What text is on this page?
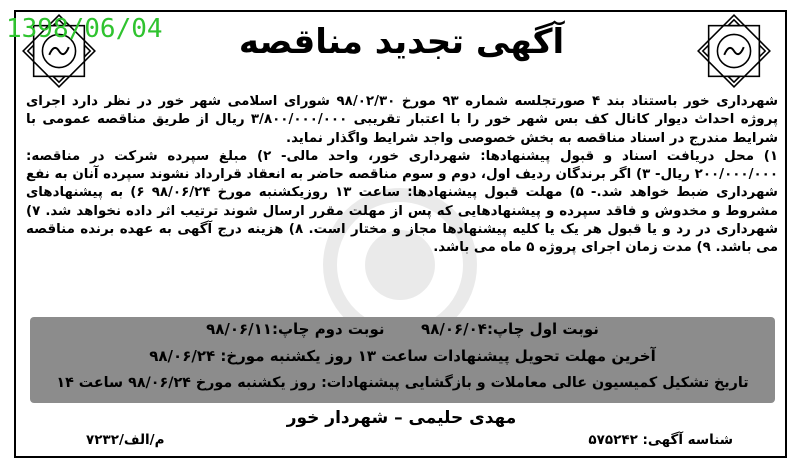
1398/06/04	آگهی تجدید مناقصه

شهرداری خور باستناد بند ۴ صورتجلسه شماره ۹۳ مورخ ۹۸/۰۲/۳۰ شورای اسلامی شهر خور در نظر دارد اجرای پروژه احداث دیوار کانال کف بس شهر خور را با اعتبار تقریبی ۳/۸۰۰/۰۰۰/۰۰۰ ریال از طریق مناقصه عمومی با شرایط مندرج در اسناد مناقصه به بخش خصوصی واجد شرایط واگذار نماید.

۱) محل دریافت اسناد و قبول پیشنهادها: شهرداری خور، واحد مالی- ۲) مبلغ سپرده شرکت در مناقصه: ۲۰۰/۰۰۰/۰۰۰ ریال- ۳) اگر برندگان ردیف اول، دوم و سوم مناقصه حاضر به انعقاد قرارداد نشوند سپرده آنان به نفع شهرداری ضبط خواهد شد.- ۵) مهلت قبول پیشنهادها: ساعت ۱۳ روزیکشنبه مورخ ۹۸/۰۶/۲۴ ۶) به پیشنهادهای مشروط و مخدوش و فاقد سپرده و پیشنهادهایی که پس از مهلت مقرر ارسال شوند ترتیب اثر داده نخواهد شد. ۷) شهرداری در رد و یا قبول هر یک یا کلیه پیشنهادها مجاز و مختار است. ۸) هزینه درج آگهی به عهده برنده مناقصه می باشد. ۹) مدت زمان اجرای پروژه ۵ ماه می باشد.

نوبت اول چاپ:۹۸/۰۶/۰۴       نوبت دوم چاپ:۹۸/۰۶/۱۱
آخرین مهلت تحویل پیشنهادات ساعت ۱۳ روز یکشنبه مورخ: ۹۸/۰۶/۲۴
تاریخ تشکیل کمیسیون عالی معاملات و بازگشایی پیشنهادات: روز یکشنبه مورخ ۹۸/۰۶/۲۴ ساعت ۱۴
مهدی حلیمی – شهردار خور
شناسه آگهی: ۵۷۵۲۴۲
م/الف/۷۲۳۲
